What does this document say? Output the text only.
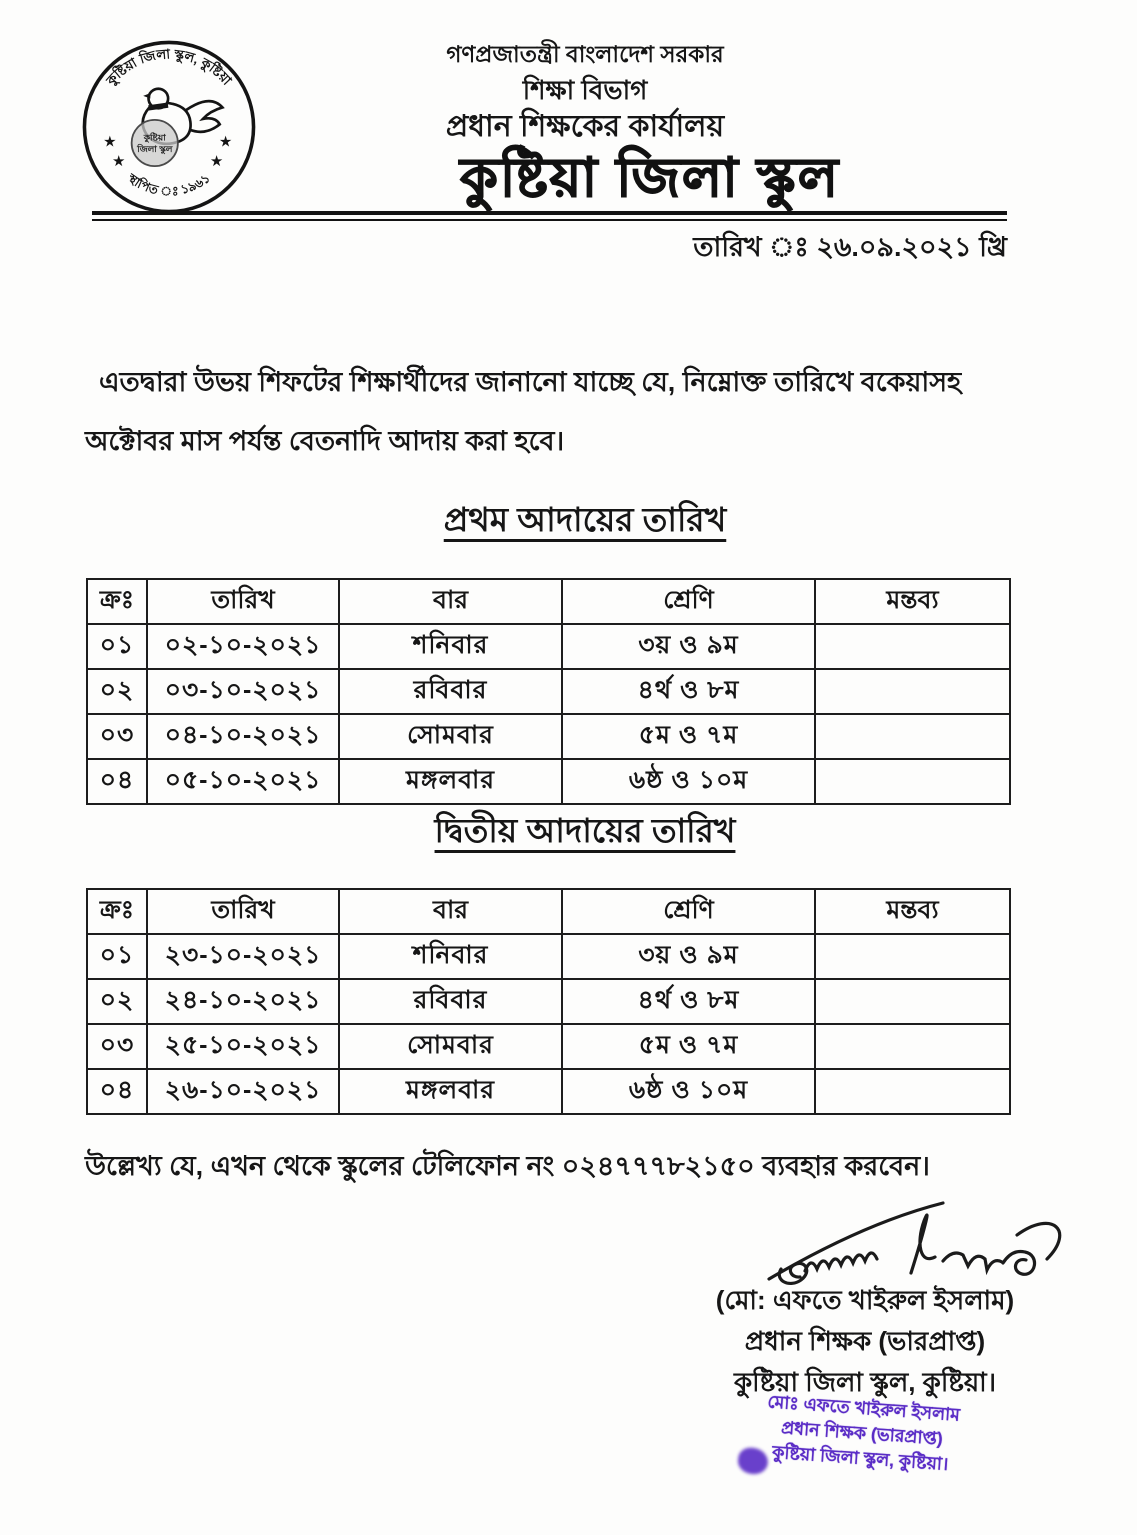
কুষ্টিয়া জিলা স্কুল, কুষ্টিয়া
স্থাপিত ঃ ১৯৬১
★
★
★
★
কুষ্টিয়া
জিলা স্কুল
গণপ্রজাতন্ত্রী বাংলাদেশ সরকার
শিক্ষা বিভাগ
প্রধান শিক্ষকের কার্যালয়
কুষ্টিয়া জিলা স্কুল
তারিখ ঃ ২৬.০৯.২০২১ খ্রি
এতদ্বারা উভয় শিফটের শিক্ষার্থীদের জানানো যাচ্ছে যে, নিম্নোক্ত তারিখে বকেয়াসহ অক্টোবর মাস পর্যন্ত বেতনাদি আদায় করা হবে।
প্রথম আদায়ের তারিখ
ক্রঃ	তারিখ	বার	শ্রেণি	মন্তব্য
০১	০২-১০-২০২১	শনিবার	৩য় ও ৯ম	
০২	০৩-১০-২০২১	রবিবার	৪র্থ ও ৮ম	
০৩	০৪-১০-২০২১	সোমবার	৫ম ও ৭ম	
০৪	০৫-১০-২০২১	মঙ্গলবার	৬ষ্ঠ ও ১০ম	
দ্বিতীয় আদায়ের তারিখ
ক্রঃ	তারিখ	বার	শ্রেণি	মন্তব্য
০১	২৩-১০-২০২১	শনিবার	৩য় ও ৯ম	
০২	২৪-১০-২০২১	রবিবার	৪র্থ ও ৮ম	
০৩	২৫-১০-২০২১	সোমবার	৫ম ও ৭ম	
০৪	২৬-১০-২০২১	মঙ্গলবার	৬ষ্ঠ ও ১০ম	
উল্লেখ্য যে, এখন থেকে স্কুলের টেলিফোন নং ০২৪৭৭৭৮২১৫০ ব্যবহার করবেন।
(মো: এফতে খাইরুল ইসলাম)
প্রধান শিক্ষক (ভারপ্রাপ্ত)
কুষ্টিয়া জিলা স্কুল, কুষ্টিয়া।
মোঃ এফতে খাইরুল ইসলাম
প্রধান শিক্ষক (ভারপ্রাপ্ত)
কুষ্টিয়া জিলা স্কুল, কুষ্টিয়া।
